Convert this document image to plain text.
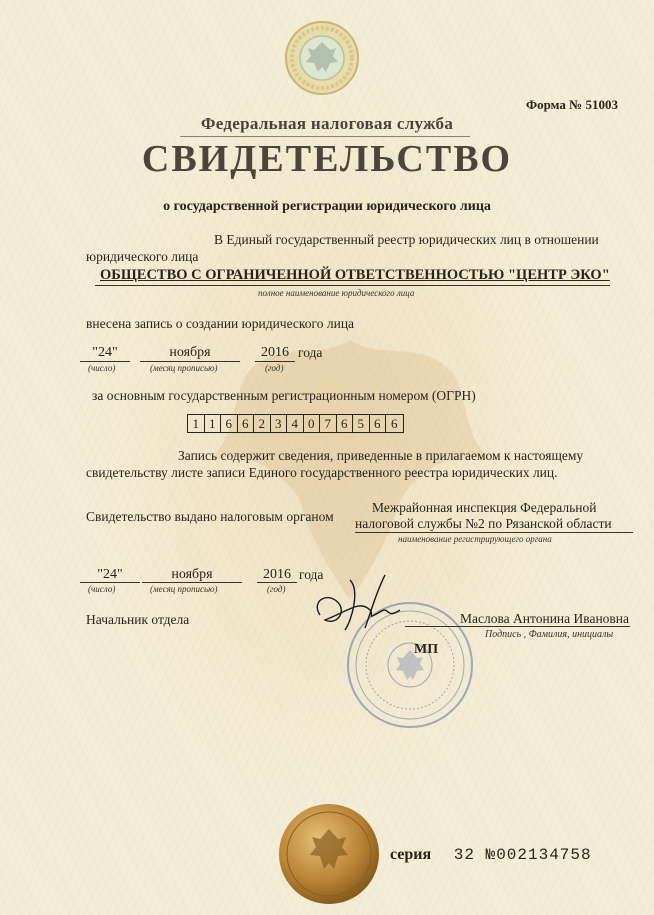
Форма № 51003
Федеральная налоговая служба
СВИДЕТЕЛЬСТВО
о государственной регистрации юридического лица
В Единый государственный реестр юридических лиц в отношении
юридического лица
ОБЩЕСТВО С ОГРАНИЧЕННОЙ ОТВЕТСТВЕННОСТЬЮ "ЦЕНТР ЭКО"
полное наименование юридического лица
внесена запись о создании юридического лица
"24"
(число)
ноября
(месяц прописью)
2016
(год)
года
за основным государственным регистрационным номером (ОГРН)
1 1 6 6 2 3 4 0 7 6 5 6 6
Запись содержит сведения, приведенные в прилагаемом к настоящему
свидетельству листе записи Единого государственного реестра юридических лиц.
Свидетельство выдано налоговым органом
Межрайонная инспекция Федеральной
налоговой службы №2 по Рязанской области
наименование регистрирующего органа
"24"
(число)
ноября
(месяц прописью)
2016
(год)
года
Начальник отдела	Маслова Антонина Ивановна
Подпись , Фамилия, инициалы
МП
серия 32 №002134758
